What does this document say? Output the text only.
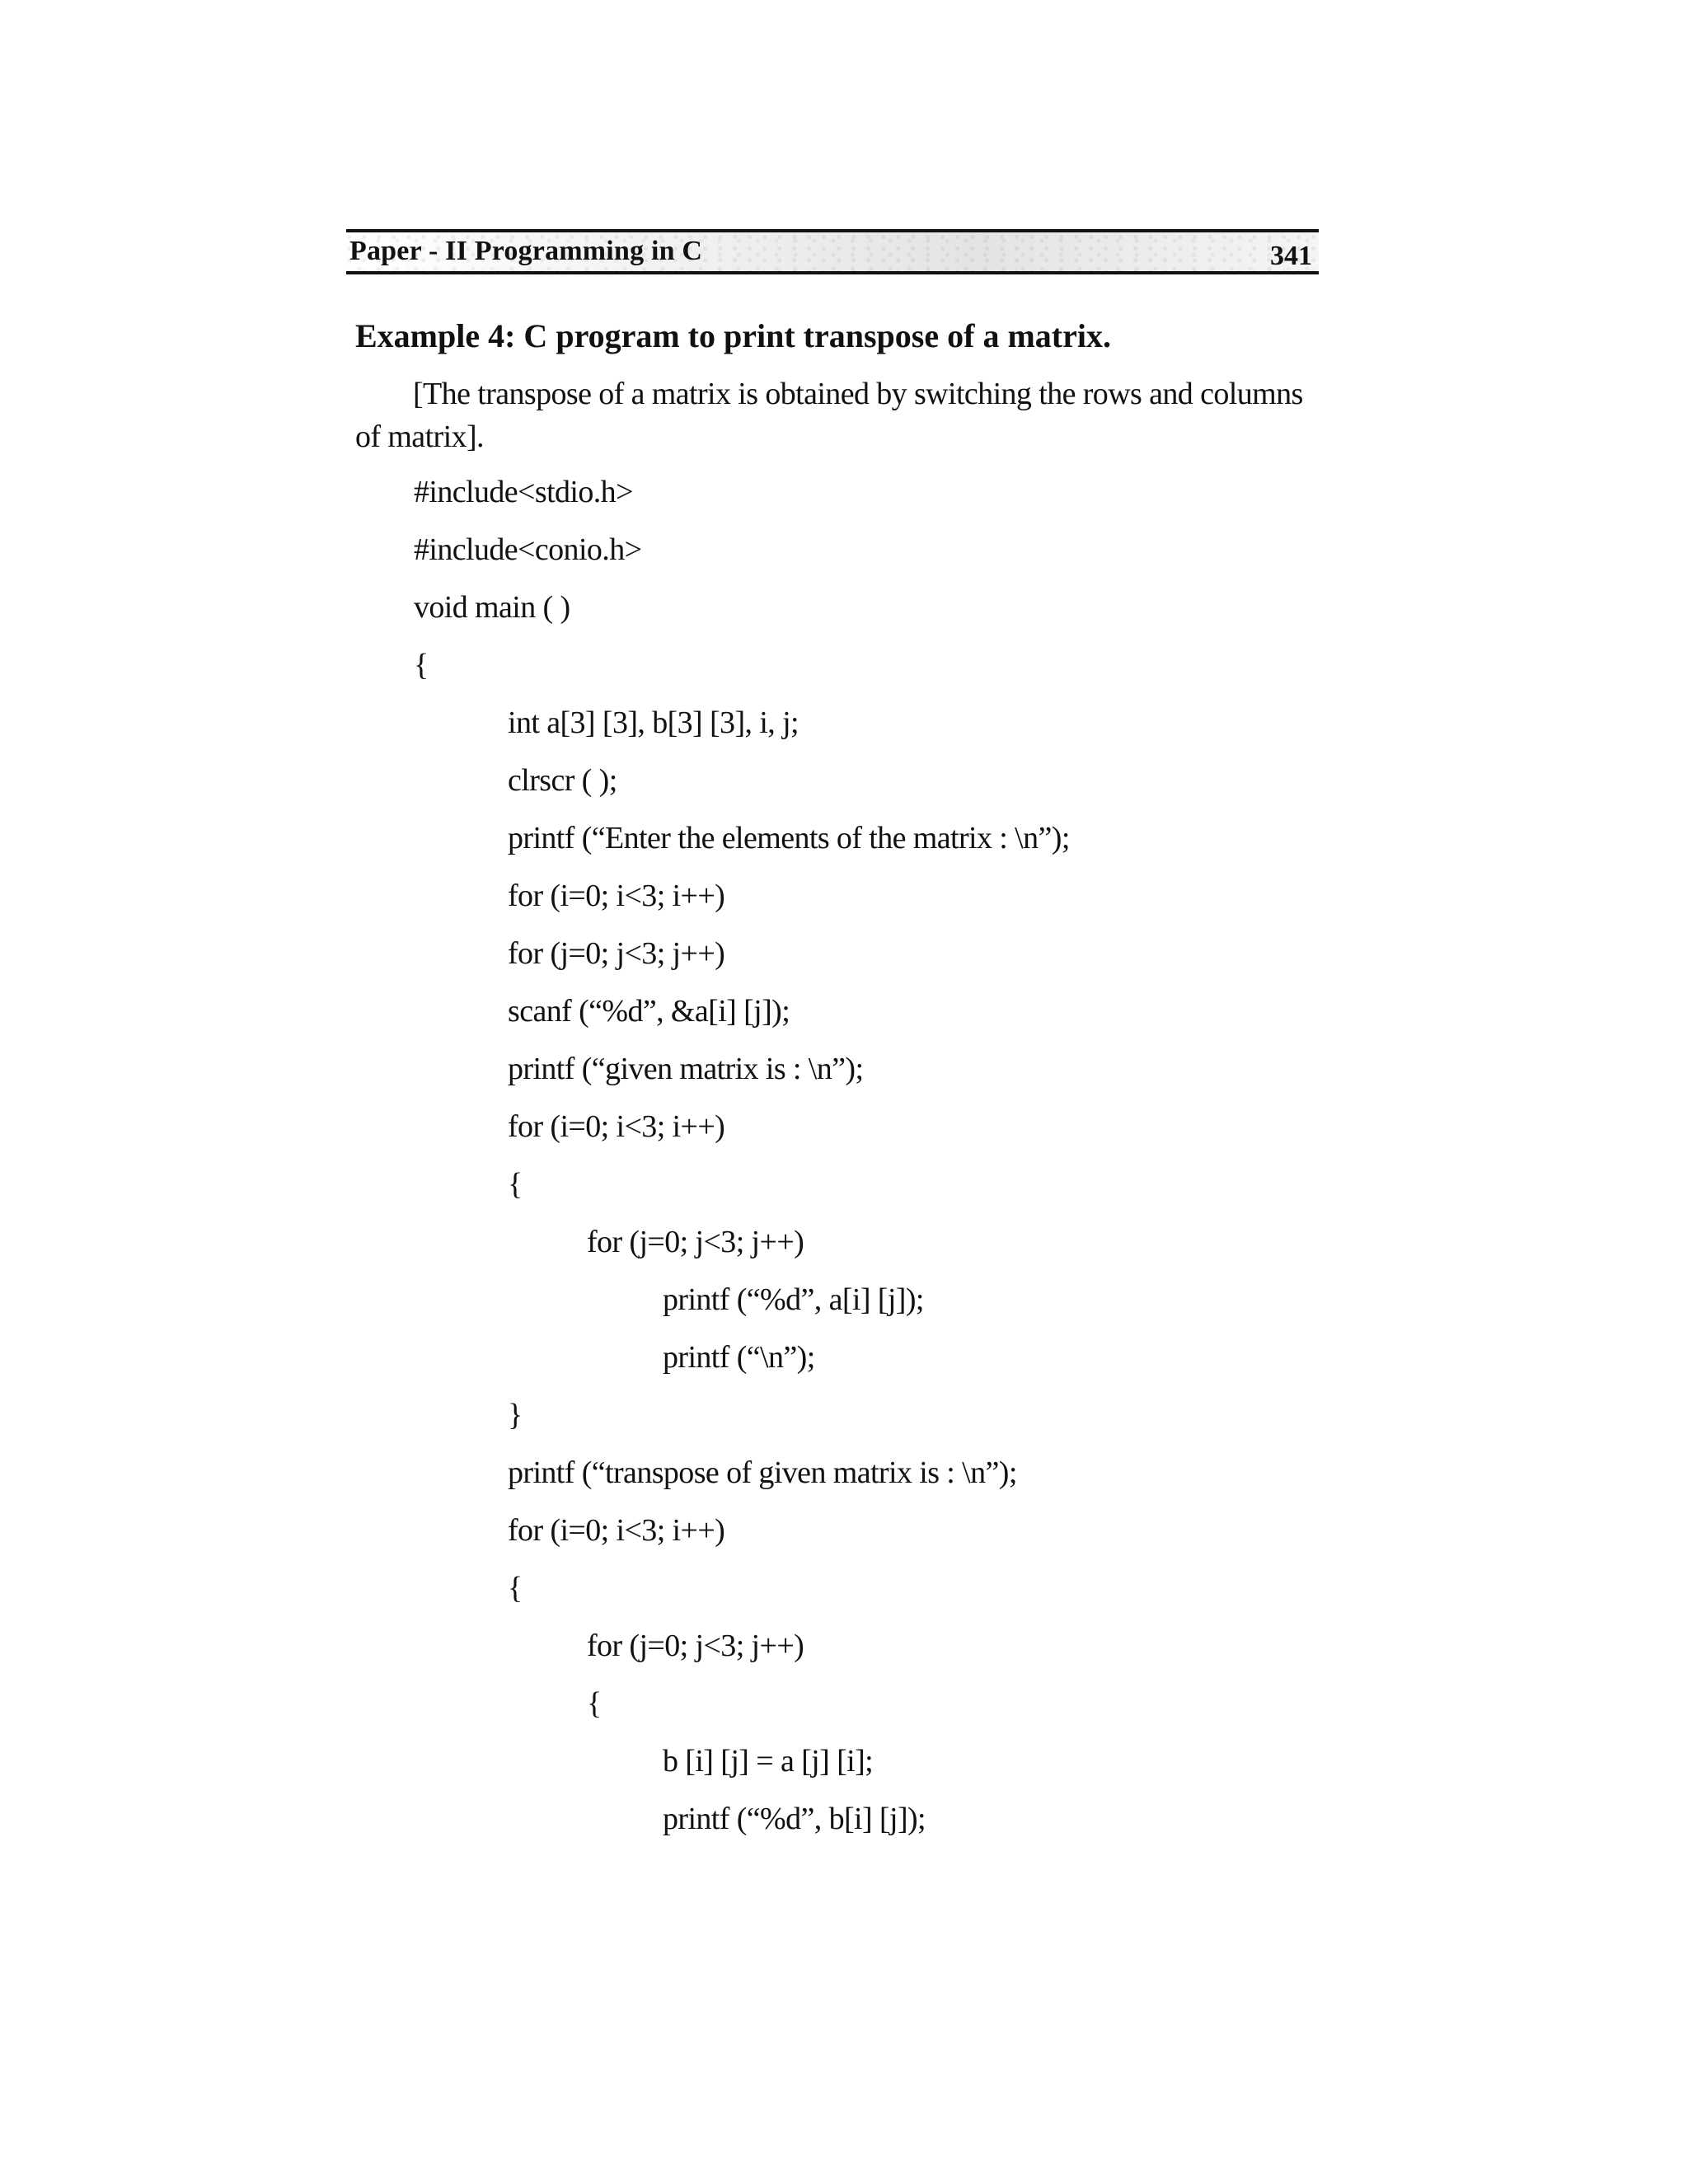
Paper - II Programming in C	341
Example 4: C program to print transpose of a matrix.

[The transpose of a matrix is obtained by switching the rows and columns of matrix].

#include<stdio.h>
#include<conio.h>
void main ( )
{
int a[3] [3], b[3] [3], i, j;
clrscr ( );
printf (“Enter the elements of the matrix : \n”);
for (i=0; i<3; i++)
for (j=0; j<3; j++)
scanf (“%d”, &a[i] [j]);
printf (“given matrix is : \n”);
for (i=0; i<3; i++)
{
for (j=0; j<3; j++)
printf (“%d”, a[i] [j]);
printf (“\n”);
}
printf (“transpose of given matrix is : \n”);
for (i=0; i<3; i++)
{
for (j=0; j<3; j++)
{
b [i] [j] = a [j] [i];
printf (“%d”, b[i] [j]);
